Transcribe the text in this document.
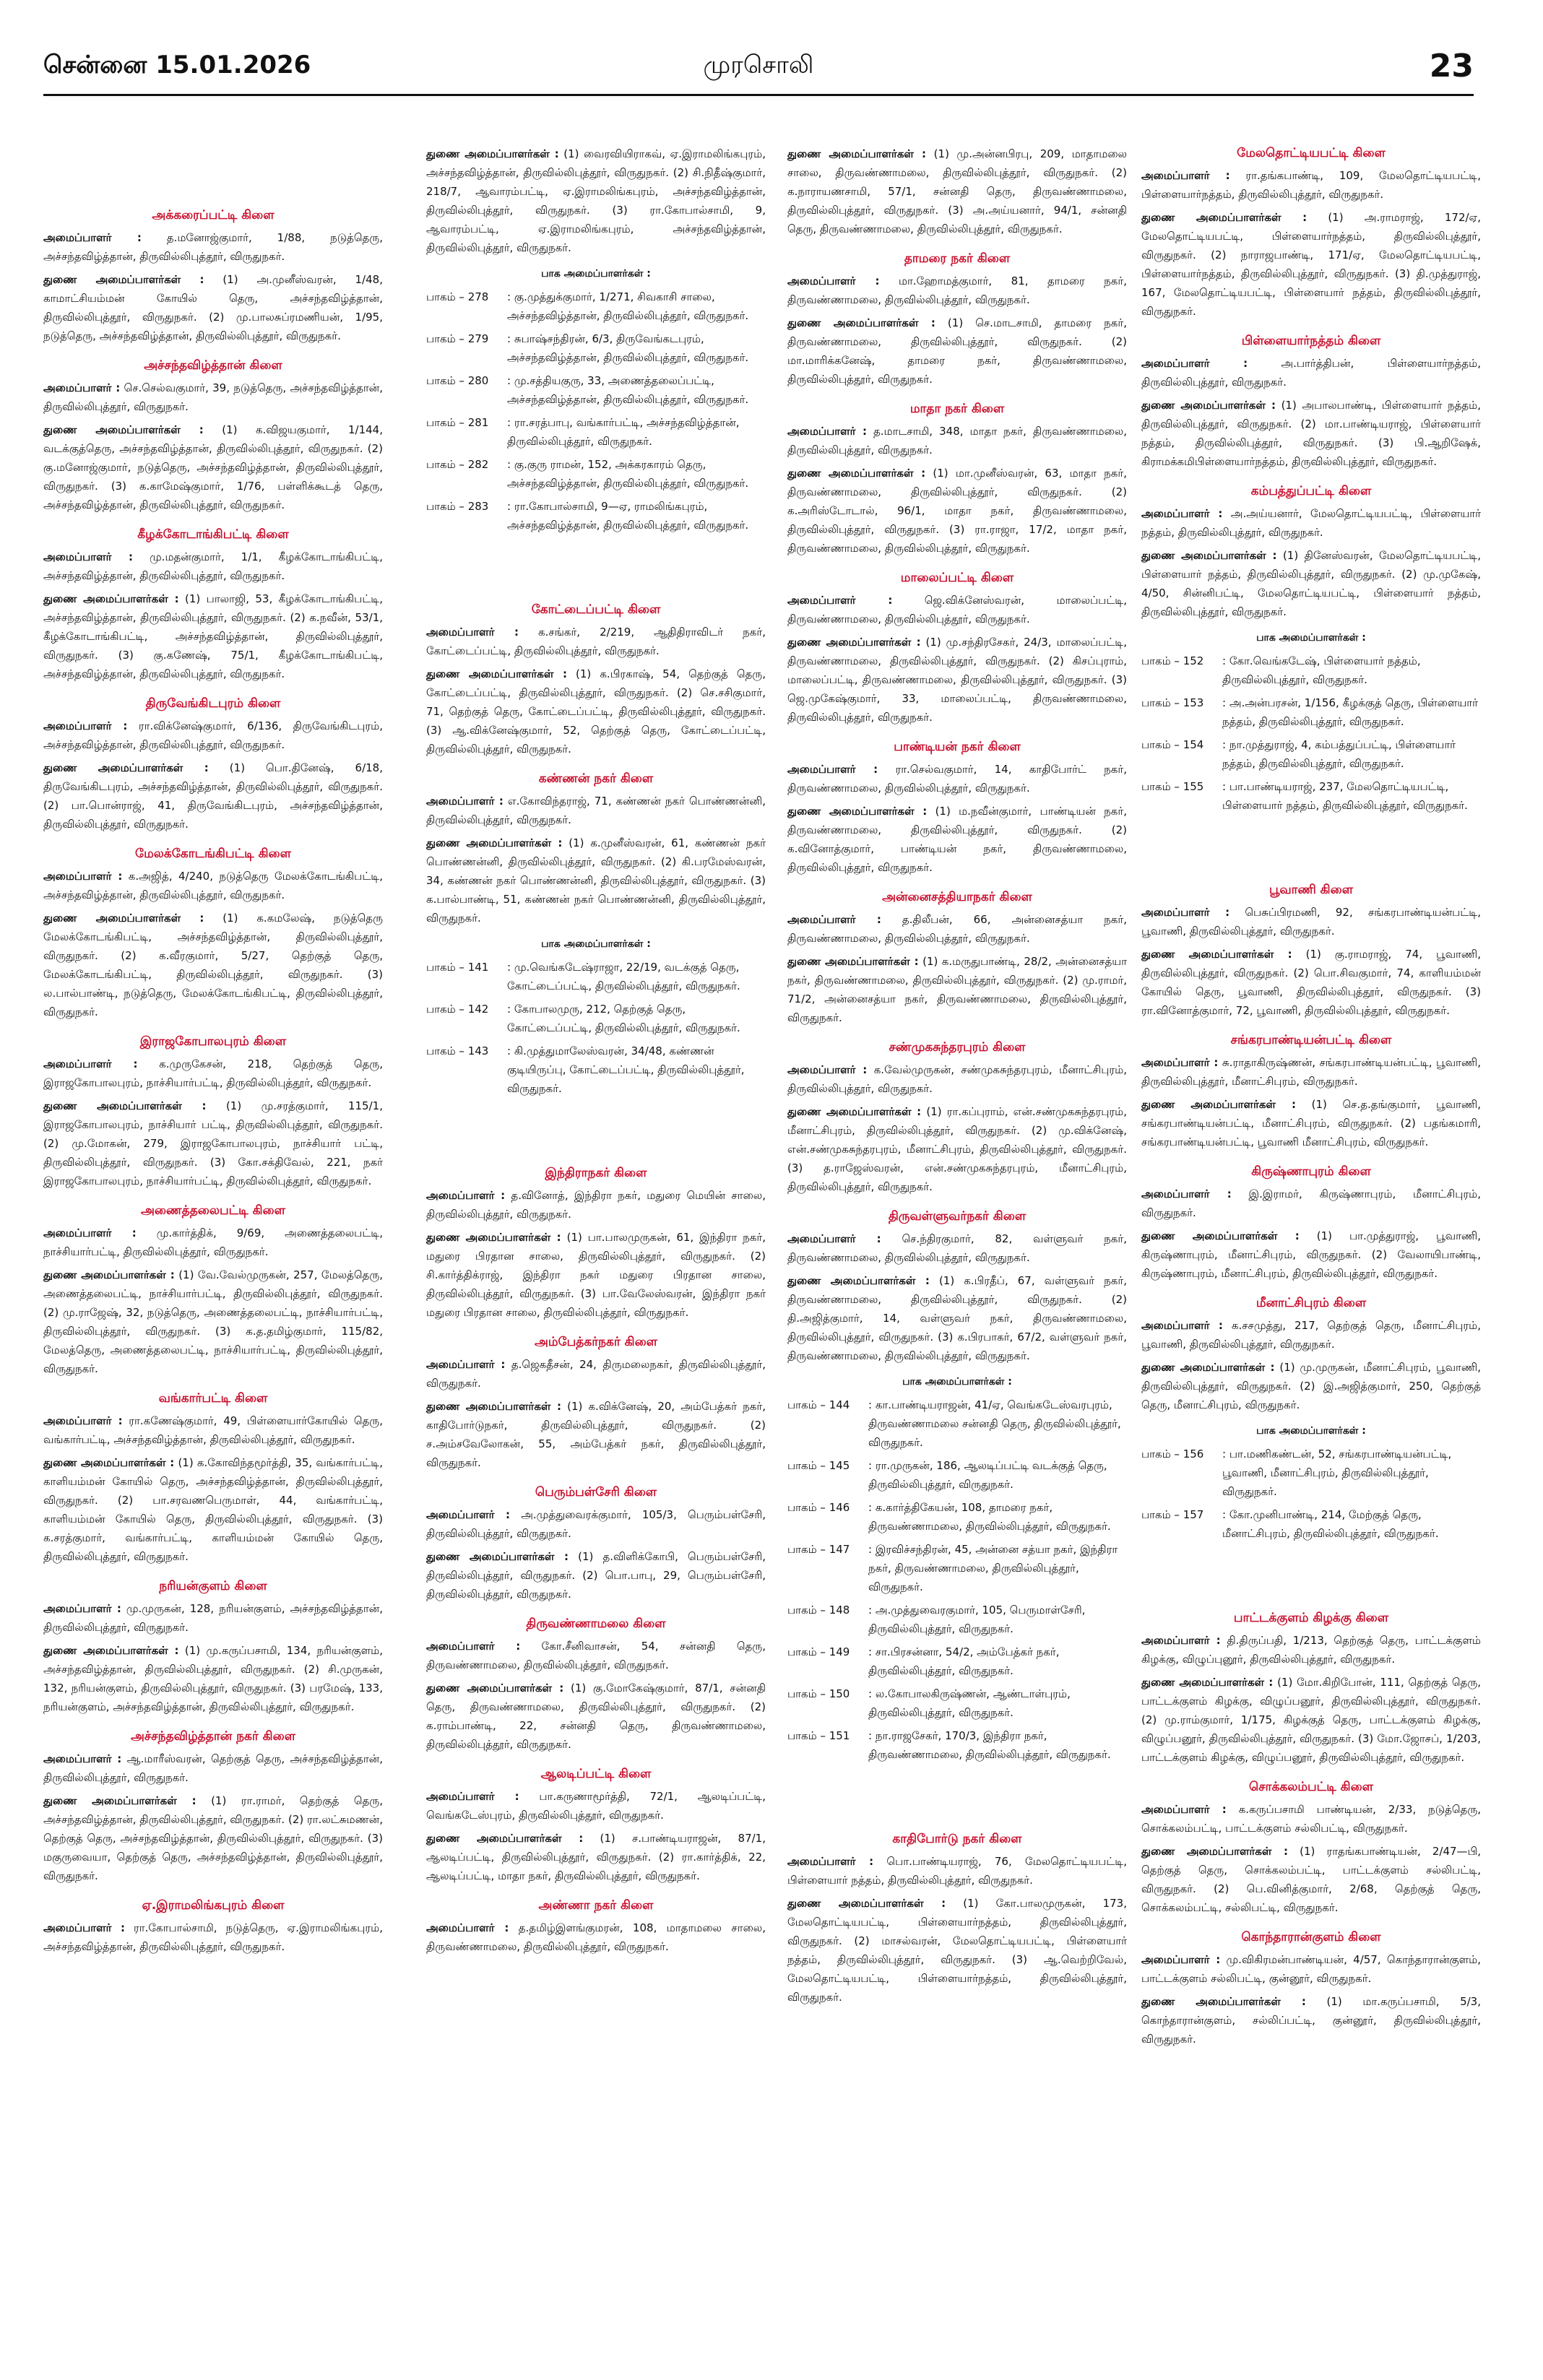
சென்னை 15.01.2026	முரசொலி	23
அக்கரைப்பட்டி கிளை
அமைப்பாளர் : த.மனோஜ்குமார், 1/88, நடுத்தெரு, அச்சந்தவிழ்த்தான், திருவில்லிபுத்தூர், விருதுநகர்.
துணை அமைப்பாளர்கள் : (1) அ.முனீஸ்வரன், 1/48, காமாட்சியம்மன் கோயில் தெரு, அச்சந்தவிழ்த்தான், திருவில்லிபுத்தூர், விருதுநகர். (2) மு.பாலசுப்ரமணியன், 1/95, நடுத்தெரு, அச்சந்தவிழ்த்தான், திருவில்லிபுத்தூர், விருதுநகர்.
அச்சந்தவிழ்த்தான் கிளை
அமைப்பாளர் : செ.செல்வகுமார், 39, நடுத்தெரு, அச்சந்தவிழ்த்தான், திருவில்லிபுத்தூர், விருதுநகர்.
துணை அமைப்பாளர்கள் : (1) க.விஜயகுமார், 1/144, வடக்குத்தெரு, அச்சந்தவிழ்த்தான், திருவில்லிபுத்தூர், விருதுநகர். (2) கு.மனோஜ்குமார், நடுத்தெரு, அச்சந்தவிழ்த்தான், திருவில்லிபுத்தூர், விருதுநகர். (3) க.காமேஷ்குமார், 1/76, பள்ளிக்கூடத் தெரு, அச்சந்தவிழ்த்தான், திருவில்லிபுத்தூர், விருதுநகர்.
கீழக்கோடாங்கிபட்டி கிளை
அமைப்பாளர் : மு.மதன்குமார், 1/1, கீழக்கோடாங்கிபட்டி, அச்சந்தவிழ்த்தான், திருவில்லிபுத்தூர், விருதுநகர்.
துணை அமைப்பாளர்கள் : (1) பாலாஜி, 53, கீழக்கோடாங்கிபட்டி, அச்சந்தவிழ்த்தான், திருவில்லிபுத்தூர், விருதுநகர். (2) க.நவீன், 53/1, கீழக்கோடாங்கிபட்டி, அச்சந்தவிழ்த்தான், திருவில்லிபுத்தூர், விருதுநகர். (3) கு.கணேஷ், 75/1, கீழக்கோடாங்கிபட்டி, அச்சந்தவிழ்த்தான், திருவில்லிபுத்தூர், விருதுநகர்.
திருவேங்கிடபுரம் கிளை
அமைப்பாளர் : ரா.விக்னேஷ்குமார், 6/136, திருவேங்கிடபுரம், அச்சந்தவிழ்த்தான், திருவில்லிபுத்தூர், விருதுநகர்.
துணை அமைப்பாளர்கள் : (1) பொ.தினேஷ், 6/18, திருவேங்கிடபுரம், அச்சந்தவிழ்த்தான், திருவில்லிபுத்தூர், விருதுநகர். (2) பா.பொன்ராஜ், 41, திருவேங்கிடபுரம், அச்சந்தவிழ்த்தான், திருவில்லிபுத்தூர், விருதுநகர்.
மேலக்கோடங்கிபட்டி கிளை
அமைப்பாளர் : க.அஜித், 4/240, நடுத்தெரு மேலக்கோடங்கிபட்டி, அச்சந்தவிழ்த்தான், திருவில்லிபுத்தூர், விருதுநகர்.
துணை அமைப்பாளர்கள் : (1) க.கமலேஷ், நடுத்தெரு மேலக்கோடங்கிபட்டி, அச்சந்தவிழ்த்தான், திருவில்லிபுத்தூர், விருதுநகர். (2) க.வீரகுமார், 5/27, தெற்குத் தெரு, மேலக்கோடங்கிபட்டி, திருவில்லிபுத்தூர், விருதுநகர். (3) ல.பால்பாண்டி, நடுத்தெரு, மேலக்கோடங்கிபட்டி, திருவில்லிபுத்தூர், விருதுநகர்.
இராஜகோபாலபுரம் கிளை
அமைப்பாளர் : க.முருகேசன், 218, தெற்குத் தெரு, இராஜகோபாலபுரம், நாச்சியார்பட்டி, திருவில்லிபுத்தூர், விருதுநகர்.
துணை அமைப்பாளர்கள் : (1) மு.சரத்குமார், 115/1, இராஜகோபாலபுரம், நாச்சியார் பட்டி, திருவில்லிபுத்தூர், விருதுநகர். (2) மு.மோகன், 279, இராஜகோபாலபுரம், நாச்சியார் பட்டி, திருவில்லிபுத்தூர், விருதுநகர். (3) கோ.சக்திவேல், 221, நகர் இராஜகோபாலபுரம், நாச்சியார்பட்டி, திருவில்லிபுத்தூர், விருதுநகர்.
அணைத்தலைபட்டி கிளை
அமைப்பாளர் : மு.கார்த்திக், 9/69, அணைத்தலைபட்டி, நாச்சியார்பட்டி, திருவில்லிபுத்தூர், விருதுநகர்.
துணை அமைப்பாளர்கள் : (1) வே.வேல்முருகன், 257, மேலத்தெரு, அணைத்தலைபட்டி, நாச்சியார்பட்டி, திருவில்லிபுத்தூர், விருதுநகர். (2) மு.ராஜேஷ், 32, நடுத்தெரு, அணைத்தலைபட்டி, நாச்சியார்பட்டி, திருவில்லிபுத்தூர், விருதுநகர். (3) க.த.தமிழ்குமார், 115/82, மேலத்தெரு, அணைத்தலைபட்டி, நாச்சியார்பட்டி, திருவில்லிபுத்தூர், விருதுநகர்.
வங்கார்பட்டி கிளை
அமைப்பாளர் : ரா.கணேஷ்குமார், 49, பிள்ளையார்கோயில் தெரு, வங்கார்பட்டி, அச்சந்தவிழ்த்தான், திருவில்லிபுத்தூர், விருதுநகர்.
துணை அமைப்பாளர்கள் : (1) க.கோவிந்தமூர்த்தி, 35, வங்கார்பட்டி, காளியம்மன் கோயில் தெரு, அச்சந்தவிழ்த்தான், திருவில்லிபுத்தூர், விருதுநகர். (2) பா.சரவணபெருமாள், 44, வங்கார்பட்டி, காளியம்மன் கோயில் தெரு, திருவில்லிபுத்தூர், விருதுநகர். (3) க.சரத்குமார், வங்கார்பட்டி, காளியம்மன் கோயில் தெரு, திருவில்லிபுத்தூர், விருதுநகர்.
நரியன்குளம் கிளை
அமைப்பாளர் : மு.முருகன், 128, நரியன்குளம், அச்சந்தவிழ்த்தான், திருவில்லிபுத்தூர், விருதுநகர்.
துணை அமைப்பாளர்கள் : (1) மு.கருப்பசாமி, 134, நரியன்குளம், அச்சந்தவிழ்த்தான், திருவில்லிபுத்தூர், விருதுநகர். (2) சி.முருகன், 132, நரியன்குளம், திருவில்லிபுத்தூர், விருதுநகர். (3) பரமேஷ், 133, நரியன்குளம், அச்சந்தவிழ்த்தான், திருவில்லிபுத்தூர், விருதுநகர்.
அச்சந்தவிழ்த்தான் நகர் கிளை
அமைப்பாளர் : ஆ.மாரீஸ்வரன், தெற்குத் தெரு, அச்சந்தவிழ்த்தான், திருவில்லிபுத்தூர், விருதுநகர்.
துணை அமைப்பாளர்கள் : (1) ரா.ராமர், தெற்குத் தெரு, அச்சந்தவிழ்த்தான், திருவில்லிபுத்தூர், விருதுநகர். (2) ரா.லட்சுமணன், தெற்குத் தெரு, அச்சந்தவிழ்த்தான், திருவில்லிபுத்தூர், விருதுநகர். (3) மகுருவையா, தெற்குத் தெரு, அச்சந்தவிழ்த்தான், திருவில்லிபுத்தூர், விருதுநகர்.
ஏ.இராமலிங்கபுரம் கிளை
அமைப்பாளர் : ரா.கோபால்சாமி, நடுத்தெரு, ஏ.இராமலிங்கபுரம், அச்சந்தவிழ்த்தான், திருவில்லிபுத்தூர், விருதுநகர்.
துணை அமைப்பாளர்கள் : (1) வைரவியிராகவ், ஏ.இராமலிங்கபுரம், அச்சந்தவிழ்த்தான், திருவில்லிபுத்தூர், விருதுநகர். (2) சி.நிதீஷ்குமார், 218/7, ஆவாரம்பட்டி, ஏ.இராமலிங்கபுரம், அச்சந்தவிழ்த்தான், திருவில்லிபுத்தூர், விருதுநகர். (3) ரா.கோபால்சாமி, 9, ஆவாரம்பட்டி, ஏ.இராமலிங்கபுரம், அச்சந்தவிழ்த்தான், திருவில்லிபுத்தூர், விருதுநகர்.
பாக அமைப்பாளர்கள் :
பாகம் – 278	: கு.முத்துக்குமார், 1/271, சிவகாசி சாலை, அச்சந்தவிழ்த்தான், திருவில்லிபுத்தூர், விருதுநகர்.
பாகம் – 279	: சுபாஷ்சந்திரன், 6/3, திருவேங்கடபுரம், அச்சந்தவிழ்த்தான், திருவில்லிபுத்தூர், விருதுநகர்.
பாகம் – 280	: மு.சத்தியகுரு, 33, அணைத்தலைப்பட்டி, அச்சந்தவிழ்த்தான், திருவில்லிபுத்தூர், விருதுநகர்.
பாகம் – 281	: ரா.சரத்பாபு, வங்கார்பட்டி, அச்சந்தவிழ்த்தான், திருவில்லிபுத்தூர், விருதுநகர்.
பாகம் – 282	: கு.குரு ராமன், 152, அக்கரகாரம் தெரு, அச்சந்தவிழ்த்தான், திருவில்லிபுத்தூர், விருதுநகர்.
பாகம் – 283	: ரா.கோபால்சாமி, 9—ஏ, ராமலிங்கபுரம், அச்சந்தவிழ்த்தான், திருவில்லிபுத்தூர், விருதுநகர்.
கோட்டைப்பட்டி கிளை
அமைப்பாளர் : க.சங்கர், 2/219, ஆதிதிராவிடர் நகர், கோட்டைப்பட்டி, திருவில்லிபுத்தூர், விருதுநகர்.
துணை அமைப்பாளர்கள் : (1) க.பிரகாஷ், 54, தெற்குத் தெரு, கோட்டைப்பட்டி, திருவில்லிபுத்தூர், விருதுநகர். (2) செ.சசிகுமார், 71, தெற்குத் தெரு, கோட்டைப்பட்டி, திருவில்லிபுத்தூர், விருதுநகர். (3) ஆ.விக்னேஷ்குமார், 52, தெற்குத் தெரு, கோட்டைப்பட்டி, திருவில்லிபுத்தூர், விருதுநகர்.
கண்ணன் நகர் கிளை
அமைப்பாளர் : எ.கோவிந்தராஜ், 71, கண்ணன் நகர் பொண்ணன்னி, திருவில்லிபுத்தூர், விருதுநகர்.
துணை அமைப்பாளர்கள் : (1) க.முனீஸ்வரன், 61, கண்ணன் நகர் பொண்ணன்னி, திருவில்லிபுத்தூர், விருதுநகர். (2) கி.பரமேஸ்வரன், 34, கண்ணன் நகர் பொண்ணன்னி, திருவில்லிபுத்தூர், விருதுநகர். (3) க.பால்பாண்டி, 51, கண்ணன் நகர் பொண்ணன்னி, திருவில்லிபுத்தூர், விருதுநகர்.
பாக அமைப்பாளர்கள் :
பாகம் – 141	: மு.வெங்கடேஷ்ராஜா, 22/19, வடக்குத் தெரு, கோட்டைப்பட்டி, திருவில்லிபுத்தூர், விருதுநகர்.
பாகம் – 142	: கோபாலமுரு, 212, தெற்குத் தெரு, கோட்டைப்பட்டி, திருவில்லிபுத்தூர், விருதுநகர்.
பாகம் – 143	: கி.முத்துமாலேஸ்வரன், 34/48, கண்ணன் குடியிருப்பு, கோட்டைப்பட்டி, திருவில்லிபுத்தூர், விருதுநகர்.
இந்திராநகர் கிளை
அமைப்பாளர் : த.வினோத், இந்திரா நகர், மதுரை மெயின் சாலை, திருவில்லிபுத்தூர், விருதுநகர்.
துணை அமைப்பாளர்கள் : (1) பா.பாலமுருகன், 61, இந்திரா நகர், மதுரை பிரதான சாலை, திருவில்லிபுத்தூர், விருதுநகர். (2) சி.கார்த்திக்ராஜ், இந்திரா நகர் மதுரை பிரதான சாலை, திருவில்லிபுத்தூர், விருதுநகர். (3) பா.வேலேஸ்வரன், இந்திரா நகர் மதுரை பிரதான சாலை, திருவில்லிபுத்தூர், விருதுநகர்.
அம்பேத்கர்நகர் கிளை
அமைப்பாளர் : த.ஜெகதீசன், 24, திருமலைநகர், திருவில்லிபுத்தூர், விருதுநகர்.
துணை அமைப்பாளர்கள் : (1) க.விக்னேஷ், 20, அம்பேத்கர் நகர், காதிபோர்டுநகர், திருவில்லிபுத்தூர், விருதுநகர். (2) ச.அம்சவேலோகன், 55, அம்பேத்கர் நகர், திருவில்லிபுத்தூர், விருதுநகர்.
பெரும்பள்சேரி கிளை
அமைப்பாளர் : அ.முத்துவைரக்குமார், 105/3, பெரும்பள்சேரி, திருவில்லிபுத்தூர், விருதுநகர்.
துணை அமைப்பாளர்கள் : (1) த.விளிக்கோபி, பெரும்பள்சேரி, திருவில்லிபுத்தூர், விருதுநகர். (2) பொ.பாபு, 29, பெரும்பள்சேரி, திருவில்லிபுத்தூர், விருதுநகர்.
திருவண்ணாமலை கிளை
அமைப்பாளர் : கோ.சீனிவாசன், 54, சன்னதி தெரு, திருவண்ணாமலை, திருவில்லிபுத்தூர், விருதுநகர்.
துணை அமைப்பாளர்கள் : (1) கு.மோகேஷ்குமார், 87/1, சன்னதி தெரு, திருவண்ணாமலை, திருவில்லிபுத்தூர், விருதுநகர். (2) க.ராம்பாண்டி, 22, சன்னதி தெரு, திருவண்ணாமலை, திருவில்லிபுத்தூர், விருதுநகர்.
ஆலடிப்பட்டி கிளை
அமைப்பாளர் : பா.கருணாமூர்த்தி, 72/1, ஆலடிப்பட்டி, வெங்கடேஸ்புரம், திருவில்லிபுத்தூர், விருதுநகர்.
துணை அமைப்பாளர்கள் : (1) ச.பாண்டியராஜன், 87/1, ஆலடிப்பட்டி, திருவில்லிபுத்தூர், விருதுநகர். (2) ரா.கார்த்திக், 22, ஆலடிப்பட்டி, மாதா நகர், திருவில்லிபுத்தூர், விருதுநகர்.
அண்ணா நகர் கிளை
அமைப்பாளர் : த.தமிழ்இளங்குமரன், 108, மாதாமலை சாலை, திருவண்ணாமலை, திருவில்லிபுத்தூர், விருதுநகர்.
துணை அமைப்பாளர்கள் : (1) மு.அன்னபிரபு, 209, மாதாமலை சாலை, திருவண்ணாமலை, திருவில்லிபுத்தூர், விருதுநகர். (2) க.நாராயணசாமி, 57/1, சன்னதி தெரு, திருவண்ணாமலை, திருவில்லிபுத்தூர், விருதுநகர். (3) அ.அய்யனார், 94/1, சன்னதி தெரு, திருவண்ணாமலை, திருவில்லிபுத்தூர், விருதுநகர்.
தாமரை நகர் கிளை
அமைப்பாளர் : மா.ஹோமத்குமார், 81, தாமரை நகர், திருவண்ணாமலை, திருவில்லிபுத்தூர், விருதுநகர்.
துணை அமைப்பாளர்கள் : (1) செ.மாடசாமி, தாமரை நகர், திருவண்ணாமலை, திருவில்லிபுத்தூர், விருதுநகர். (2) மா.மாரிக்கனேஷ், தாமரை நகர், திருவண்ணாமலை, திருவில்லிபுத்தூர், விருதுநகர்.
மாதா நகர் கிளை
அமைப்பாளர் : த.மாடசாமி, 348, மாதா நகர், திருவண்ணாமலை, திருவில்லிபுத்தூர், விருதுநகர்.
துணை அமைப்பாளர்கள் : (1) மா.முனீஸ்வரன், 63, மாதா நகர், திருவண்ணாமலை, திருவில்லிபுத்தூர், விருதுநகர். (2) க.அரிஸ்டோடால், 96/1, மாதா நகர், திருவண்ணாமலை, திருவில்லிபுத்தூர், விருதுநகர். (3) ரா.ராஜா, 17/2, மாதா நகர், திருவண்ணாமலை, திருவில்லிபுத்தூர், விருதுநகர்.
மாலைப்பட்டி கிளை
அமைப்பாளர் :	ஜெ.விக்னேஸ்வரன், மாலைப்பட்டி, திருவண்ணாமலை, திருவில்லிபுத்தூர், விருதுநகர்.
துணை அமைப்பாளர்கள் : (1) மு.சந்திரசேகர், 24/3, மாலைப்பட்டி, திருவண்ணாமலை, திருவில்லிபுத்தூர், விருதுநகர். (2) கிசப்புராம், மாலைப்பட்டி, திருவண்ணாமலை, திருவில்லிபுத்தூர், விருதுநகர். (3) ஜெ.முகேஷ்குமார், 33, மாலைப்பட்டி, திருவண்ணாமலை, திருவில்லிபுத்தூர், விருதுநகர்.
பாண்டியன் நகர் கிளை
அமைப்பாளர் : ரா.செல்வகுமார், 14, காதிபோர்ட் நகர், திருவண்ணாமலை, திருவில்லிபுத்தூர், விருதுநகர்.
துணை அமைப்பாளர்கள் : (1) ம.நவீன்குமார், பாண்டியன் நகர், திருவண்ணாமலை, திருவில்லிபுத்தூர், விருதுநகர். (2) க.வினோத்குமார், பாண்டியன் நகர், திருவண்ணாமலை, திருவில்லிபுத்தூர், விருதுநகர்.
அன்னைசத்தியாநகர் கிளை
அமைப்பாளர் : த.திலீபன், 66, அன்னைசத்யா நகர், திருவண்ணாமலை, திருவில்லிபுத்தூர், விருதுநகர்.
துணை அமைப்பாளர்கள் : (1) க.மருதுபாண்டி, 28/2, அன்னைசத்யா நகர், திருவண்ணாமலை, திருவில்லிபுத்தூர், விருதுநகர். (2) மு.ராமர், 71/2, அன்னைசத்யா நகர், திருவண்ணாமலை, திருவில்லிபுத்தூர், விருதுநகர்.
சண்முகசுந்தரபுரம் கிளை
அமைப்பாளர் : க.வேல்முருகன், சண்முகசுந்தரபுரம், மீனாட்சிபுரம், திருவில்லிபுத்தூர், விருதுநகர்.
துணை அமைப்பாளர்கள் : (1) ரா.கப்புராம், என்.சண்முகசுந்தரபுரம், மீனாட்சிபுரம், திருவில்லிபுத்தூர், விருதுநகர். (2) மு.விக்னேஷ், என்.சண்முகசுந்தரபுரம், மீனாட்சிபுரம், திருவில்லிபுத்தூர், விருதுநகர். (3) த.ராஜேஸ்வரன், என்.சண்முகசுந்தரபுரம், மீனாட்சிபுரம், திருவில்லிபுத்தூர், விருதுநகர்.
திருவள்ளுவர்நகர் கிளை
அமைப்பாளர் : செ.ந்திரகுமார், 82, வள்ளுவர் நகர், திருவண்ணாமலை, திருவில்லிபுத்தூர், விருதுநகர்.
துணை அமைப்பாளர்கள் : (1) க.பிரதீப், 67, வள்ளுவர் நகர், திருவண்ணாமலை, திருவில்லிபுத்தூர், விருதுநகர். (2) தி.அஜித்குமார், 14, வள்ளுவர் நகர், திருவண்ணாமலை, திருவில்லிபுத்தூர், விருதுநகர். (3) க.பிரபாகர், 67/2, வள்ளுவர் நகர், திருவண்ணாமலை, திருவில்லிபுத்தூர், விருதுநகர்.
பாக அமைப்பாளர்கள் :
பாகம் – 144	: கா.பாண்டியராஜன், 41/ஏ, வெங்கடேஸ்வரபுரம், திருவண்ணாமலை சன்னதி தெரு, திருவில்லிபுத்தூர், விருதுநகர்.
பாகம் – 145	: ரா.முருகன், 186, ஆலடிப்பட்டி வடக்குத் தெரு, திருவில்லிபுத்தூர், விருதுநகர்.
பாகம் – 146	: க.கார்த்திகேயன், 108, தாமரை நகர், திருவண்ணாமலை, திருவில்லிபுத்தூர், விருதுநகர்.
பாகம் – 147	: இரவிச்சந்திரன், 45, அன்னை சத்யா நகர், இந்திரா நகர், திருவண்ணாமலை, திருவில்லிபுத்தூர், விருதுநகர்.
பாகம் – 148	: அ.முத்துவைரகுமார், 105, பெருமாள்சேரி, திருவில்லிபுத்தூர், விருதுநகர்.
பாகம் – 149	: சா.பிரசன்னா, 54/2, அம்பேத்கர் நகர், திருவில்லிபுத்தூர், விருதுநகர்.
பாகம் – 150	: ல.கோபாலகிருஷ்ணன், ஆண்டாள்புரம், திருவில்லிபுத்தூர், விருதுநகர்.
பாகம் – 151	: நா.ராஜசேகர், 170/3, இந்திரா நகர், திருவண்ணாமலை, திருவில்லிபுத்தூர், விருதுநகர்.
காதிபோர்டு நகர் கிளை
அமைப்பாளர் : பொ.பாண்டியராஜ், 76, மேலதொட்டியபட்டி, பிள்ளையார் நத்தம், திருவில்லிபுத்தூர், விருதுநகர்.
துணை அமைப்பாளர்கள் : (1) கோ.பாலமுருகன், 173, மேலதொட்டியபட்டி, பிள்ளையார்நத்தம், திருவில்லிபுத்தூர், விருதுநகர். (2) மாசல்வரன், மேலதொட்டியபட்டி, பிள்ளையார் நத்தம், திருவில்லிபுத்தூர், விருதுநகர். (3) ஆ.வெற்றிவேல், மேலதொட்டியபட்டி, பிள்ளையார்நத்தம், திருவில்லிபுத்தூர், விருதுநகர்.
மேலதொட்டியபட்டி கிளை
அமைப்பாளர் : ரா.தங்கபாண்டி, 109, மேலதொட்டியபட்டி, பிள்ளையார்நத்தம், திருவில்லிபுத்தூர், விருதுநகர்.
துணை அமைப்பாளர்கள் : (1) அ.ராமராஜ், 172/ஏ, மேலதொட்டியபட்டி, பிள்ளையார்நத்தம், திருவில்லிபுத்தூர், விருதுநகர். (2) நாராஜபாண்டி, 171/ஏ, மேலதொட்டியபட்டி, பிள்ளையார்நத்தம், திருவில்லிபுத்தூர், விருதுநகர். (3) தி.முத்துராஜ், 167, மேலதொட்டியபட்டி, பிள்ளையார் நத்தம், திருவில்லிபுத்தூர், விருதுநகர்.
பிள்ளையார்நத்தம் கிளை
அமைப்பாளர் :	அ.பார்த்திபன், பிள்ளையார்நத்தம், திருவில்லிபுத்தூர், விருதுநகர்.
துணை அமைப்பாளர்கள் : (1) அபாலபாண்டி, பிள்ளையார் நத்தம், திருவில்லிபுத்தூர், விருதுநகர். (2) மா.பாண்டியராஜ், பிள்ளையார் நத்தம், திருவில்லிபுத்தூர், விருதுநகர். (3) பி.ஆறிஷேக், கிராமக்கமிபிள்ளையார்நத்தம், திருவில்லிபுத்தூர், விருதுநகர்.
கம்பத்துப்பட்டி கிளை
அமைப்பாளர் : அ.அய்யனார், மேலதொட்டியபட்டி, பிள்ளையார் நத்தம், திருவில்லிபுத்தூர், விருதுநகர்.
துணை அமைப்பாளர்கள் : (1) தினேஸ்வரன், மேலதொட்டியபட்டி, பிள்ளையார் நத்தம், திருவில்லிபுத்தூர், விருதுநகர். (2) மு.முகேஷ், 4/50, சின்னிபட்டி, மேலதொட்டியபட்டி, பிள்ளையார் நத்தம், திருவில்லிபுத்தூர், விருதுநகர்.
பாக அமைப்பாளர்கள் :
பாகம் – 152	: கோ.வெங்கடேஷ், பிள்ளையார் நத்தம், திருவில்லிபுத்தூர், விருதுநகர்.
பாகம் – 153	: அ.அன்பரசன், 1/156, கீழக்குத் தெரு, பிள்ளையார் நத்தம், திருவில்லிபுத்தூர், விருதுநகர்.
பாகம் – 154	: நா.முத்துராஜ், 4, கம்பத்துப்பட்டி, பிள்ளையார் நத்தம், திருவில்லிபுத்தூர், விருதுநகர்.
பாகம் – 155	: பா.பாண்டியராஜ், 237, மேலதொட்டியபட்டி, பிள்ளையார் நத்தம், திருவில்லிபுத்தூர், விருதுநகர்.
பூவாணி கிளை
அமைப்பாளர் : பெசுப்பிரமணி, 92, சங்கரபாண்டியன்பட்டி, பூவாணி, திருவில்லிபுத்தூர், விருதுநகர்.
துணை அமைப்பாளர்கள் : (1) கு.ராமராஜ், 74, பூவாணி, திருவில்லிபுத்தூர், விருதுநகர். (2) பொ.சிவகுமார், 74, காளியம்மன் கோயில் தெரு, பூவாணி, திருவில்லிபுத்தூர், விருதுநகர். (3) ரா.வினோத்குமார், 72, பூவாணி, திருவில்லிபுத்தூர், விருதுநகர்.
சங்கரபாண்டியன்பட்டி கிளை
அமைப்பாளர் : சு.ராதாகிருஷ்ணன், சங்கரபாண்டியன்பட்டி, பூவாணி, திருவில்லிபுத்தூர், மீனாட்சிபுரம், விருதுநகர்.
துணை அமைப்பாளர்கள் : (1) செ.த.தங்குமார், பூவாணி, சங்கரபாண்டியன்பட்டி, மீனாட்சிபுரம், விருதுநகர். (2) பதங்கமாரி, சங்கரபாண்டியன்பட்டி, பூவாணி மீனாட்சிபுரம், விருதுநகர்.
கிருஷ்ணாபுரம் கிளை
அமைப்பாளர் : இ.இராமர், கிருஷ்ணாபுரம், மீனாட்சிபுரம், விருதுநகர்.
துணை அமைப்பாளர்கள் : (1) பா.முத்துராஜ், பூவாணி, கிருஷ்ணாபுரம், மீனாட்சிபுரம், விருதுநகர். (2) வேலாயிபாண்டி, கிருஷ்ணாபுரம், மீனாட்சிபுரம், திருவில்லிபுத்தூர், விருதுநகர்.
மீனாட்சிபுரம் கிளை
அமைப்பாளர் : க.சசமுத்து, 217, தெற்குத் தெரு, மீனாட்சிபுரம், பூவாணி, திருவில்லிபுத்தூர், விருதுநகர்.
துணை அமைப்பாளர்கள் : (1) மு.முருகன், மீனாட்சிபுரம், பூவாணி, திருவில்லிபுத்தூர், விருதுநகர். (2) இ.அஜித்குமார், 250, தெற்குத் தெரு, மீனாட்சிபுரம், விருதுநகர்.
பாக அமைப்பாளர்கள் :
பாகம் – 156	: பா.மணிகண்டன், 52, சங்கரபாண்டியன்பட்டி, பூவாணி, மீனாட்சிபுரம், திருவில்லிபுத்தூர், விருதுநகர்.
பாகம் – 157	: கோ.முனிபாண்டி, 214, மேற்குத் தெரு, மீனாட்சிபுரம், திருவில்லிபுத்தூர், விருதுநகர்.
பாட்டக்குளம் கிழக்கு கிளை
அமைப்பாளர் : தி.திருப்பதி, 1/213, தெற்குத் தெரு, பாட்டக்குளம் கிழக்கு, விழுப்புனூர், திருவில்லிபுத்தூர், விருதுநகர்.
துணை அமைப்பாளர்கள் : (1) மோ.கிறிபோன், 111, தெற்குத் தெரு, பாட்டக்குளம் கிழக்கு, விழுப்பனூர், திருவில்லிபுத்தூர், விருதுநகர். (2) மு.ராம்குமார், 1/175, கிழக்குத் தெரு, பாட்டக்குளம் கிழக்கு, விழுப்பனூர், திருவில்லிபுத்தூர், விருதுநகர். (3) மோ.ஜோசப், 1/203, பாட்டக்குளம் கிழக்கு, விழுப்பனூர், திருவில்லிபுத்தூர், விருதுநகர்.
சொக்கலம்பட்டி கிளை
அமைப்பாளர் : க.கருப்பசாமி பாண்டியன், 2/33, நடுத்தெரு, சொக்கலம்பட்டி, பாட்டக்குளம் சல்லிபட்டி, விருதுநகர்.
துணை அமைப்பாளர்கள் : (1) ராதங்கபாண்டியன், 2/47—பி, தெற்குத் தெரு, சொக்கலம்பட்டி, பாட்டக்குளம் சல்லிபட்டி, விருதுநகர். (2) பெ.வினித்குமார், 2/68, தெற்குத் தெரு, சொக்கலம்பட்டி, சல்லிபட்டி, விருதுநகர்.
கொந்தாரான்குளம் கிளை
அமைப்பாளர் : மு.விகிரமன்பாண்டியன், 4/57, கொந்தாரான்குளம், பாட்டக்குளம் சல்லிபட்டி, குன்னூர், விருதுநகர்.
துணை அமைப்பாளர்கள் : (1) மா.கருப்பசாமி, 5/3, கொந்தாரான்குளம், சல்லிப்பட்டி, குன்னூர், திருவில்லிபுத்தூர், விருதுநகர்.
